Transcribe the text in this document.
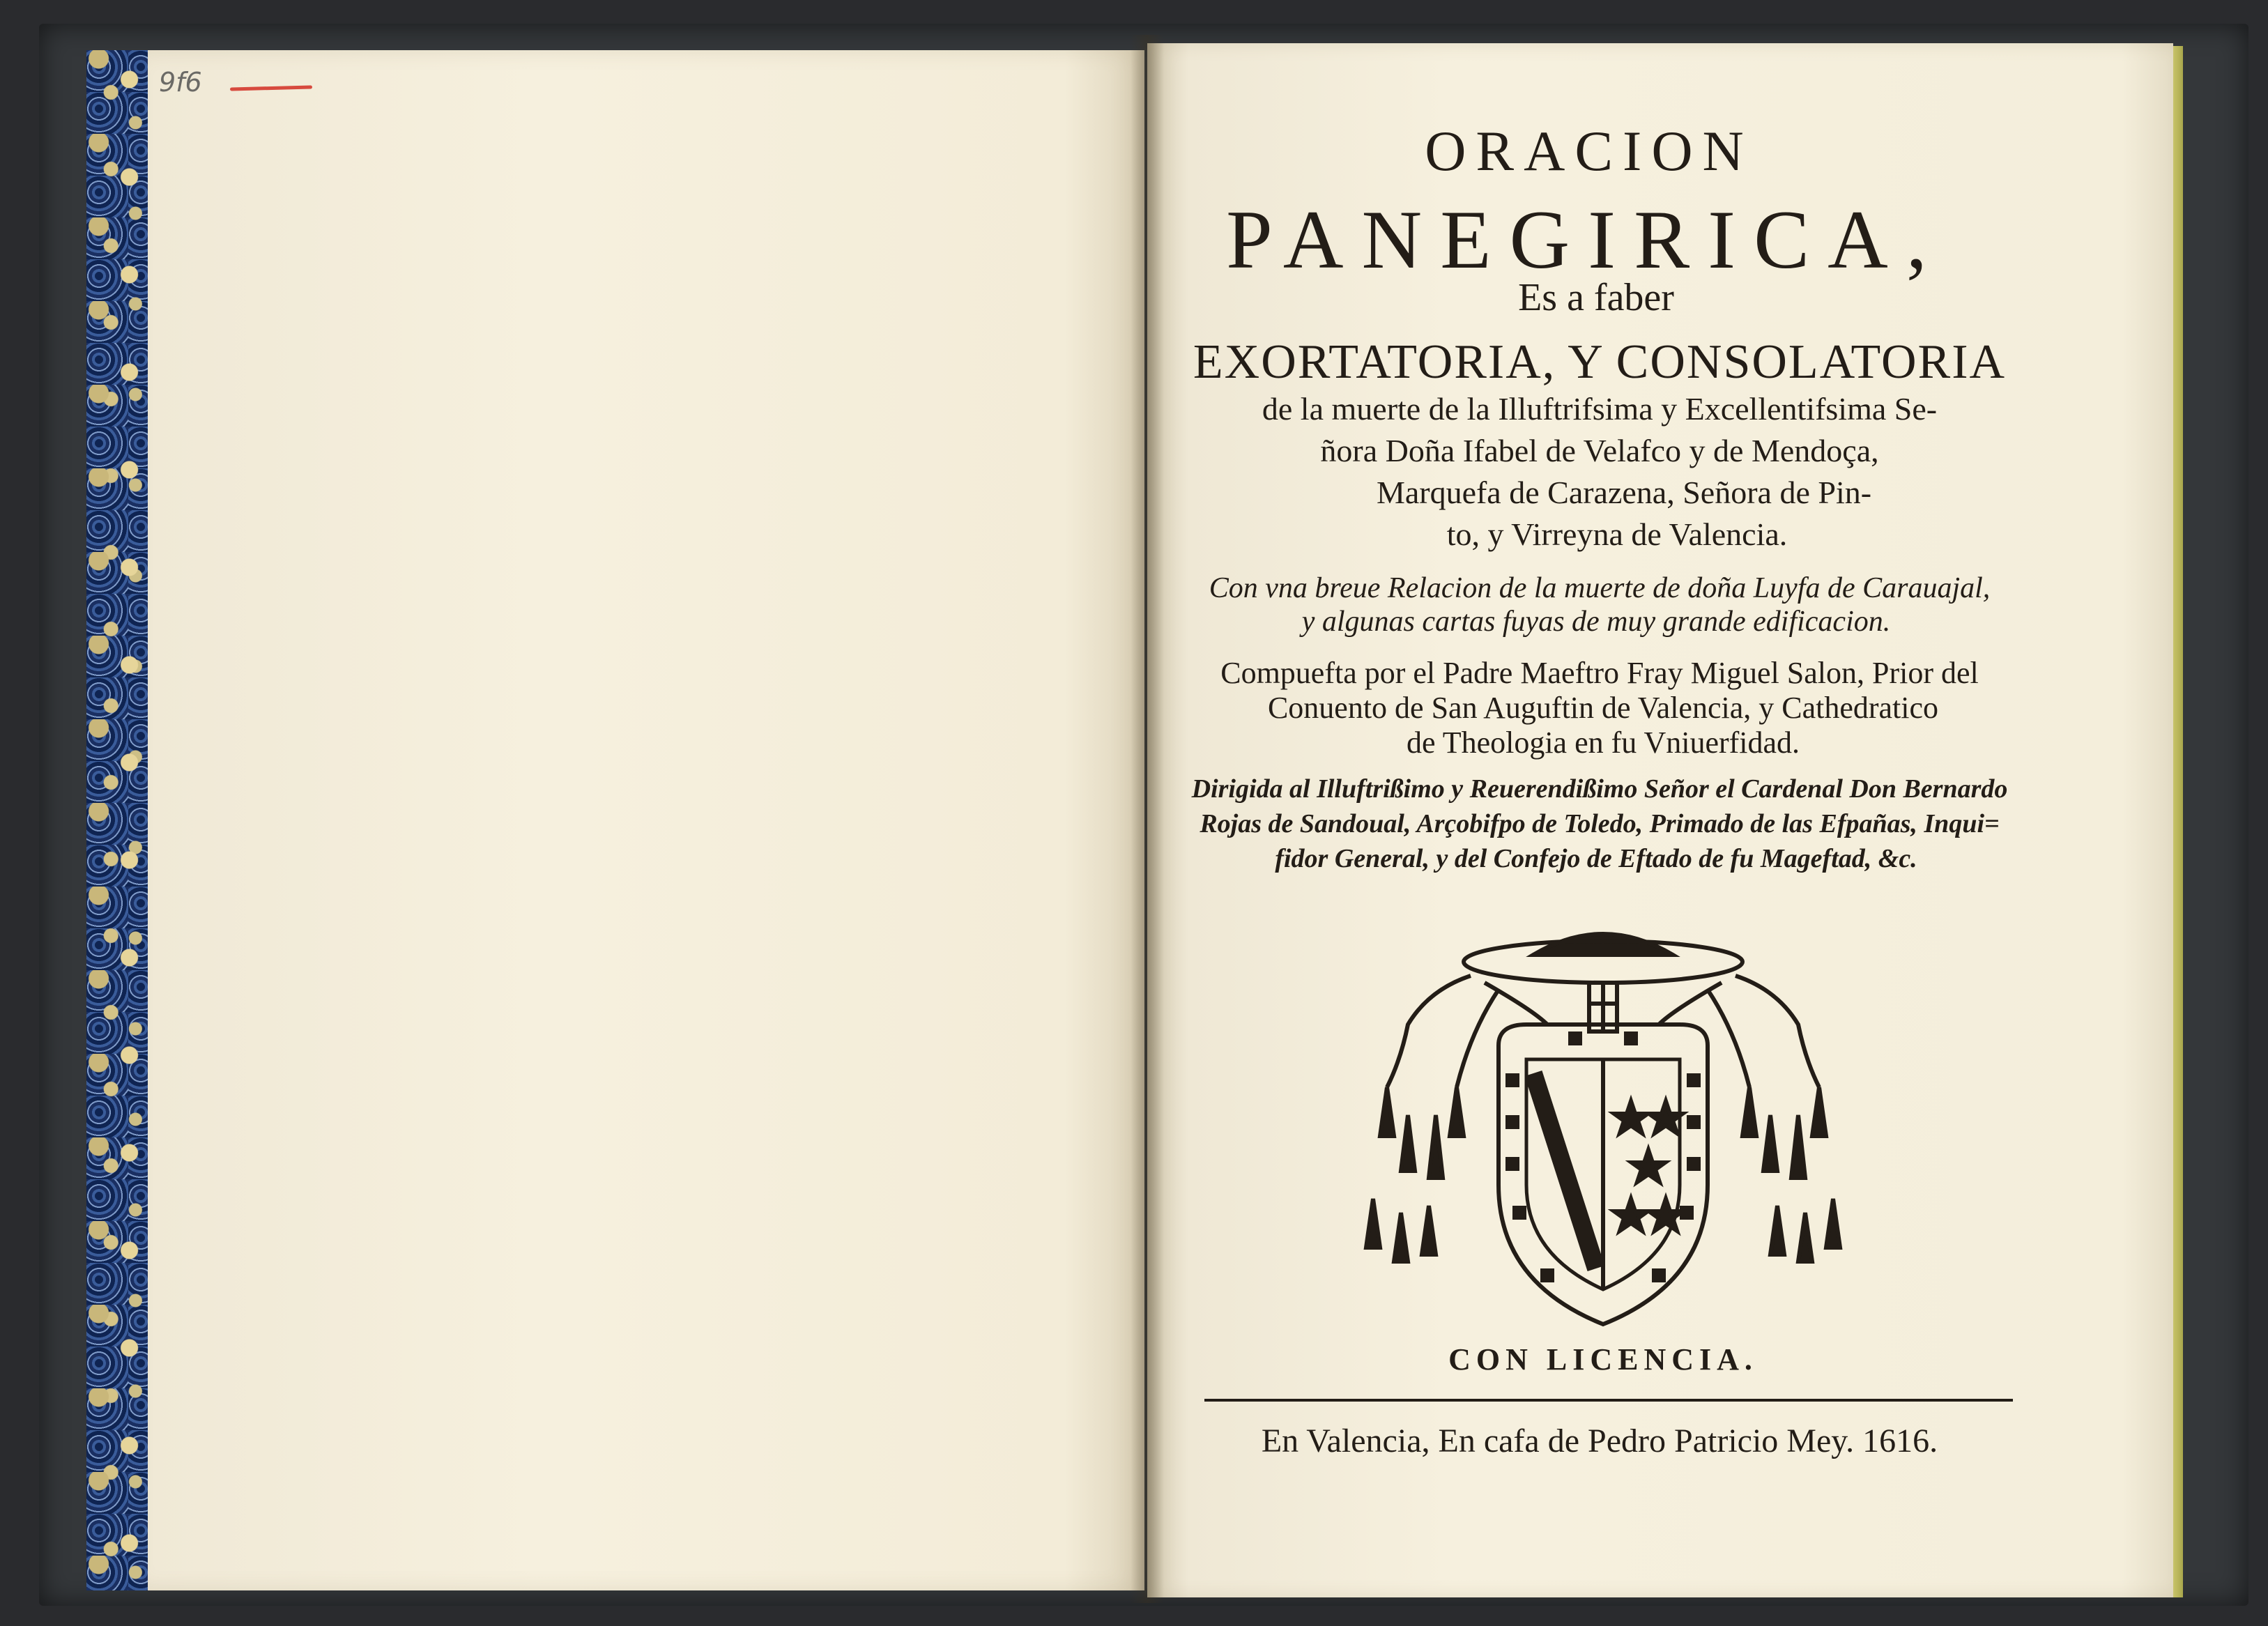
9f6
ORACION
PANEGIRICA,
Es a faber
EXORTATORIA, Y CONSOLATORIA
de la muerte de la Illuftrifsima y Excellentifsima Se-
ñora Doña Ifabel de Velafco y de Mendoça,
Marquefa de Carazena, Señora de Pin-
to, y Virreyna de Valencia.
Con vna breue Relacion de la muerte de doña Luyfa de Carauajal,
y algunas cartas fuyas de muy grande edificacion.
Compuefta por el Padre Maeftro Fray Miguel Salon, Prior del
Conuento de San Auguftin de Valencia, y Cathedratico
de Theologia en fu Vniuerfidad.
Dirigida al Illuftrißimo y Reuerendißimo Señor el Cardenal Don Bernardo
Rojas de Sandoual, Arçobifpo de Toledo, Primado de las Efpañas, Inqui=
fidor General, y del Confejo de Eftado de fu Mageftad, &c.
CON LICENCIA.
En Valencia, En cafa de Pedro Patricio Mey. 1616.
